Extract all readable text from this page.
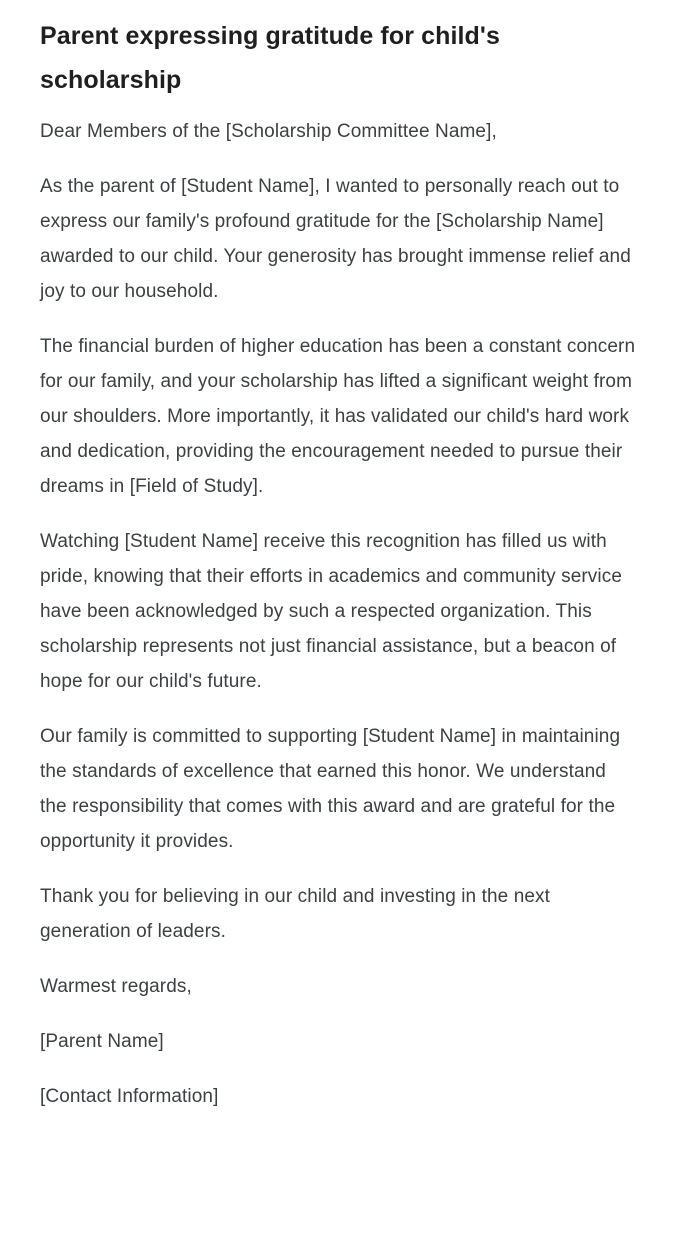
Parent expressing gratitude for child's scholarship

Dear Members of the [Scholarship Committee Name],

As the parent of [Student Name], I wanted to personally reach out to express our family's profound gratitude for the [Scholarship Name] awarded to our child. Your generosity has brought immense relief and joy to our household.

The financial burden of higher education has been a constant concern for our family, and your scholarship has lifted a significant weight from our shoulders. More importantly, it has validated our child's hard work and dedication, providing the encouragement needed to pursue their dreams in [Field of Study].

Watching [Student Name] receive this recognition has filled us with pride, knowing that their efforts in academics and community service have been acknowledged by such a respected organization. This scholarship represents not just financial assistance, but a beacon of hope for our child's future.

Our family is committed to supporting [Student Name] in maintaining the standards of excellence that earned this honor. We understand the responsibility that comes with this award and are grateful for the opportunity it provides.

Thank you for believing in our child and investing in the next generation of leaders.

Warmest regards,

[Parent Name]

[Contact Information]
